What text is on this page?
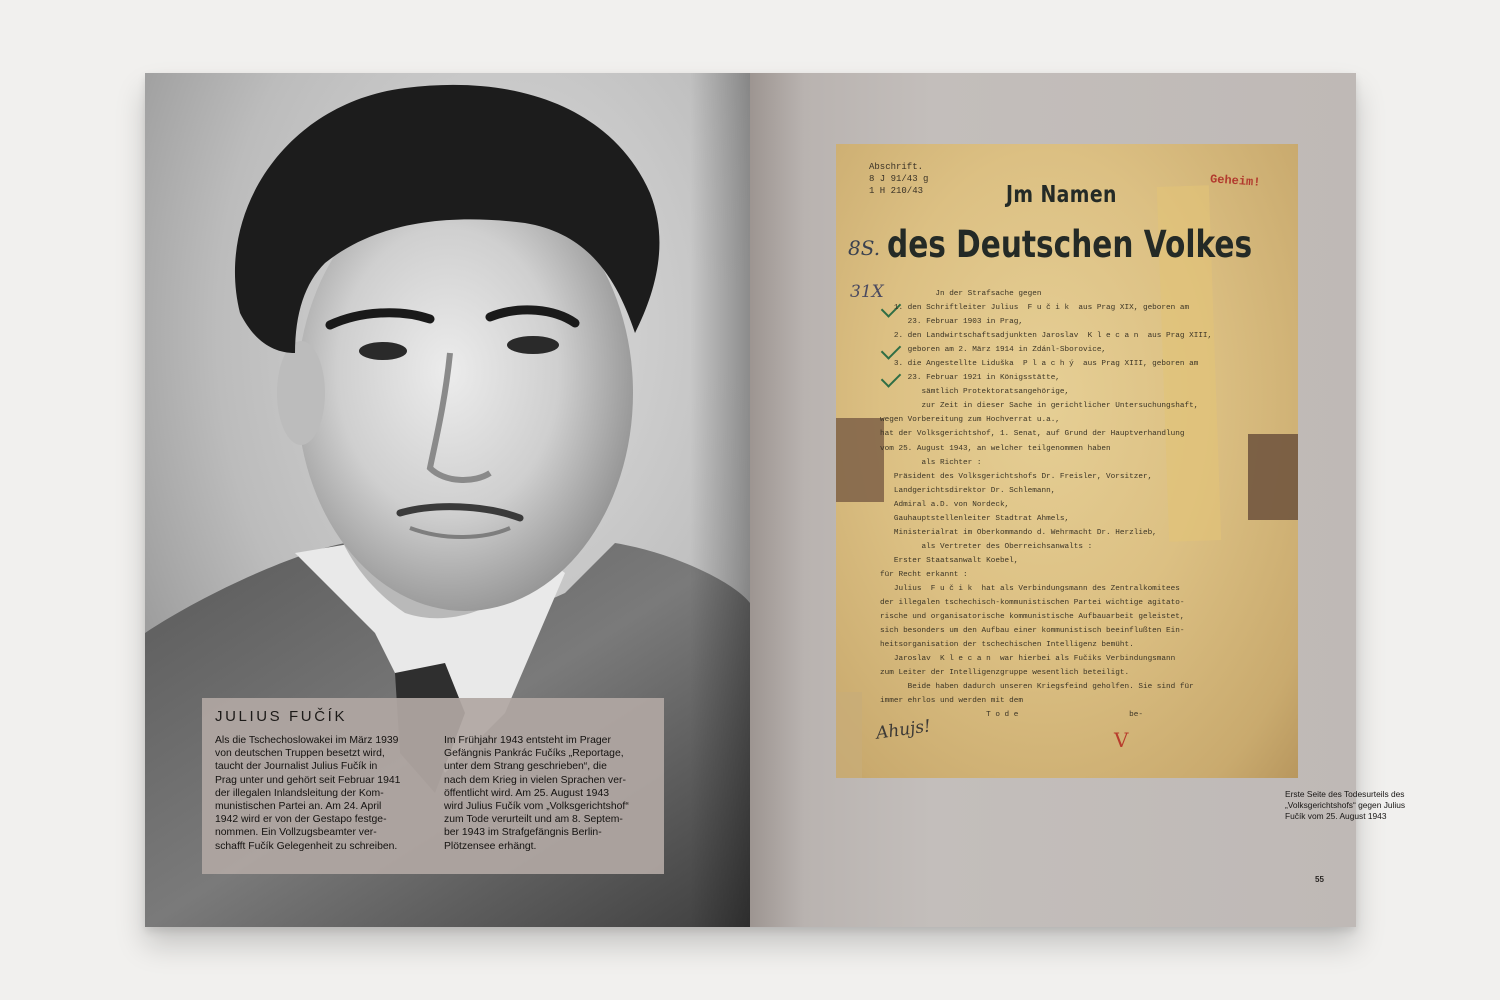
JULIUS FUČÍK
Als die Tschechoslowakei im März 1939
von deutschen Truppen besetzt wird,
taucht der Journalist Julius Fučík in
Prag unter und gehört seit Februar 1941
der illegalen Inlandsleitung der Kom-
munistischen Partei an. Am 24. April
1942 wird er von der Gestapo festge-
nommen. Ein Vollzugsbeamter ver-
schafft Fučík Gelegenheit zu schreiben.
Im Frühjahr 1943 entsteht im Prager
Gefängnis Pankrác Fučíks „Reportage,
unter dem Strang geschrieben“, die
nach dem Krieg in vielen Sprachen ver-
öffentlicht wird. Am 25. August 1943
wird Julius Fučík vom „Volksgerichtshof“
zum Tode verurteilt und am 8. Septem-
ber 1943 im Strafgefängnis Berlin-
Plötzensee erhängt.
Abschrift.
8 J 91/43 g
1 H 210/43
Geheim!
Jm Namen
des Deutschen Volkes
8S.
31X	Jn der Strafsache gegen
1. den Schriftleiter Julius  F u č i k  aus Prag XIX, geboren am
23. Februar 1903 in Prag,
2. den Landwirtschaftsadjunkten Jaroslav  K l e c a n  aus Prag XIII,
geboren am 2. März 1914 in Zdánl-Sborovice,
3. die Angestellte Liduška  P l a c h ý  aus Prag XIII, geboren am
23. Februar 1921 in Königsstätte,
sämtlich Protektoratsangehörige,
zur Zeit in dieser Sache in gerichtlicher Untersuchungshaft,
wegen Vorbereitung zum Hochverrat u.a.,
hat der Volksgerichtshof, 1. Senat, auf Grund der Hauptverhandlung
vom 25. August 1943, an welcher teilgenommen haben
als Richter :
Präsident des Volksgerichtshofs Dr. Freisler, Vorsitzer,
Landgerichtsdirektor Dr. Schlemann,
Admiral a.D. von Nordeck,
Gauhauptstellenleiter Stadtrat Ahmels,
Ministerialrat im Oberkommando d. Wehrmacht Dr. Herzlieb,
als Vertreter des Oberreichsanwalts :
Erster Staatsanwalt Koebel,
für Recht erkannt :
Julius  F u č i k  hat als Verbindungsmann des Zentralkomitees
der illegalen tschechisch-kommunistischen Partei wichtige agitato-
rische und organisatorische kommunistische Aufbauarbeit geleistet,
sich besonders um den Aufbau einer kommunistisch beeinflußten Ein-
heitsorganisation der tschechischen Intelligenz bemüht.
Jaroslav  K l e c a n  war hierbei als Fučiks Verbindungsmann
zum Leiter der Intelligenzgruppe wesentlich beteiligt.
Beide haben dadurch unseren Kriegsfeind geholfen. Sie sind für
immer ehrlos und werden mit dem
T o d e                        be-
Ahujs!	V
Erste Seite des Todesurteils des
„Volksgerichtshofs“ gegen Julius
Fučík vom 25. August 1943
55
